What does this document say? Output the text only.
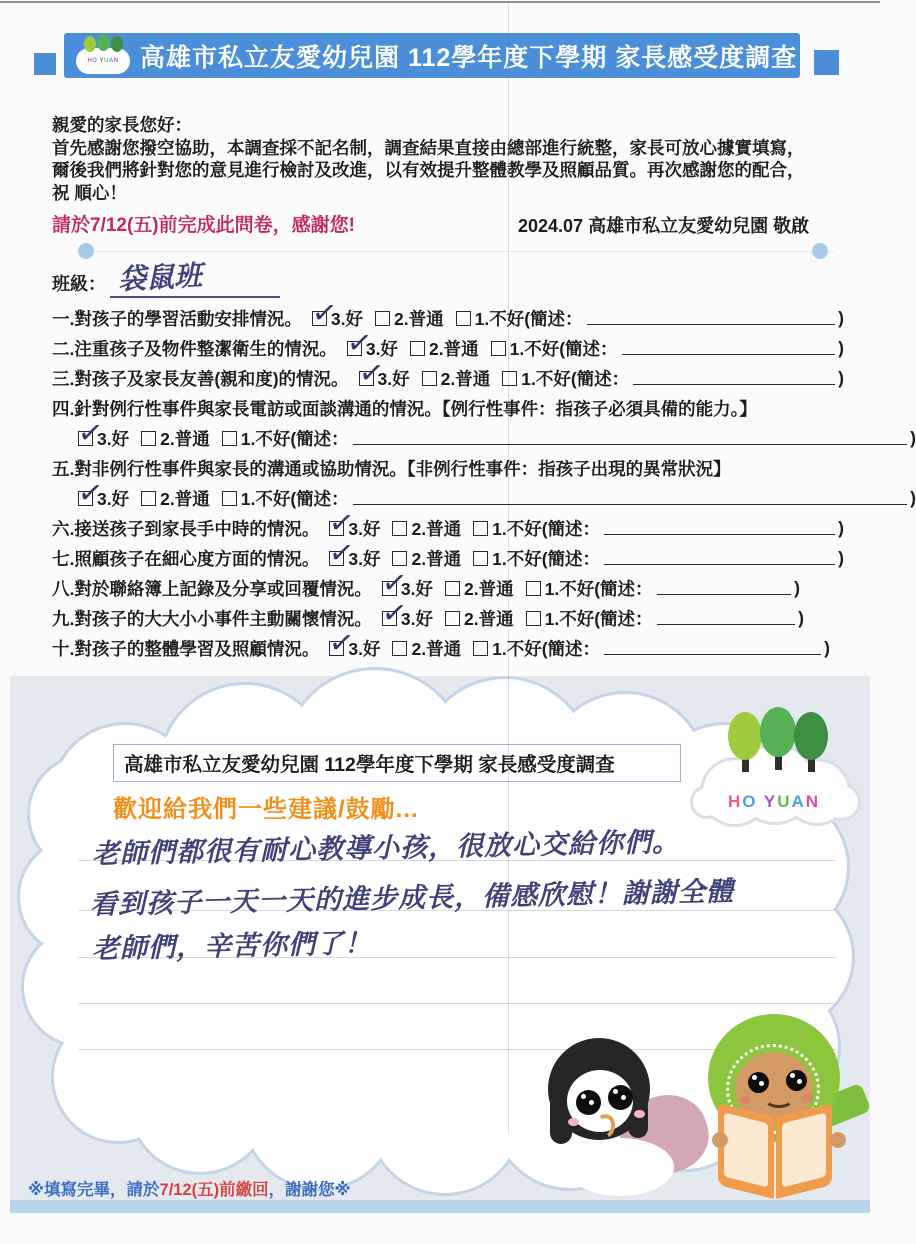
HO YUAN 高雄市私立友愛幼兒園 112學年度下學期 家長感受度調查
親愛的家長您好：
首先感謝您撥空協助，本調查採不記名制，調查結果直接由總部進行統整，家長可放心據實填寫，
爾後我們將針對您的意見進行檢討及改進，以有效提升整體教學及照顧品質。再次感謝您的配合，
祝 順心！
請於7/12(五)前完成此問卷，感謝您!	2024.07 高雄市私立友愛幼兒園 敬啟
班級： 袋鼠班
一.對孩子的學習活動安排情況。 ✓
3.好 2.普通 1.不好(簡述：	)
二.注重孩子及物件整潔衛生的情況。 ✓
3.好 2.普通 1.不好(簡述：	)
三.對孩子及家長友善(親和度)的情況。 ✓
3.好 2.普通 1.不好(簡述：	)
四.針對例行性事件與家長電訪或面談溝通的情況。【例行性事件：指孩子必須具備的能力。】
✓
3.好 2.普通 1.不好(簡述：	)
五.對非例行性事件與家長的溝通或協助情況。【非例行性事件：指孩子出現的異常狀況】
✓
3.好 2.普通 1.不好(簡述：	)
六.接送孩子到家長手中時的情況。 ✓
3.好 2.普通 1.不好(簡述：	)
七.照顧孩子在細心度方面的情況。 ✓
3.好 2.普通 1.不好(簡述：	)
八.對於聯絡簿上記錄及分享或回覆情況。 ✓
3.好 2.普通 1.不好(簡述：	)
九.對孩子的大大小小事件主動關懷情況。 ✓
3.好 2.普通 1.不好(簡述：	)
十.對孩子的整體學習及照顧情況。 ✓
3.好 2.普通 1.不好(簡述：	)
HO YUAN
高雄市私立友愛幼兒園 112學年度下學期 家長感受度調查
歡迎給我們一些建議/鼓勵...
老師們都很有耐心教導小孩，很放心交給你們。
看到孩子一天一天的進步成長，備感欣慰！謝謝全體
老師們，辛苦你們了！
※填寫完畢，請於7/12(五)前繳回，謝謝您※
